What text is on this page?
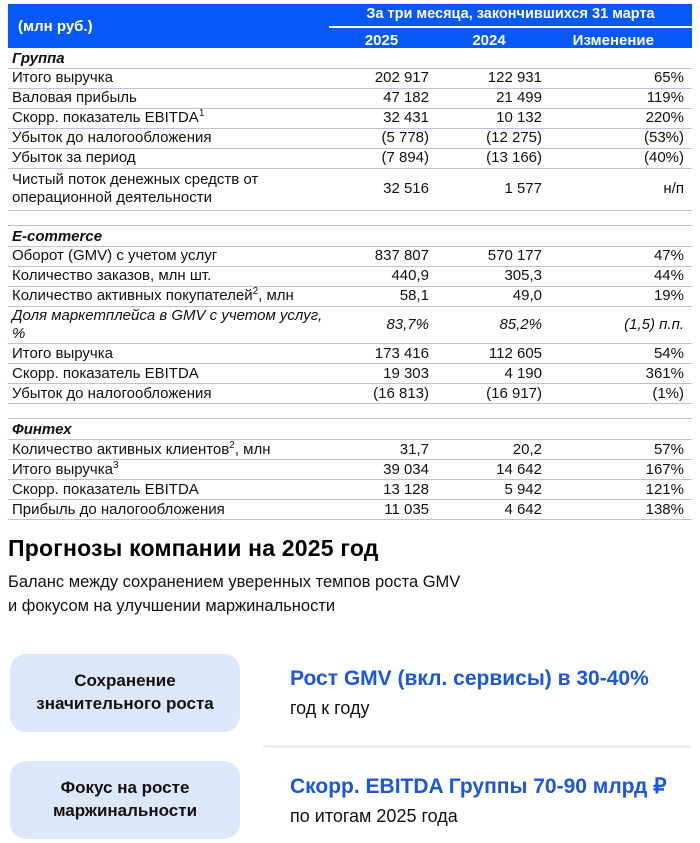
(млн руб.)
За три месяца, закончившихся 31 марта
2025	2024	Изменение
Группа
Итого выручка	202 917	122 931	65%
Валовая прибыль	47 182	21 499	119%
Скорр. показатель EBITDA$^1$	32 431	10 132	220%
Убыток до налогообложения	(5 778)	(12 275)	(53%)
Убыток за период	(7 894)	(13 166)	(40%)
Чистый поток денежных средств от операционной деятельности
32 516	1 577	н/п
E-commerce
Оборот (GMV) с учетом услуг	837 807	570 177	47%
Количество заказов, млн шт.	440,9	305,3	44%
Количество активных покупателей$^2$, млн	58,1	49,0	19%
Доля маркетплейса в GMV с учетом услуг, %
83,7%	85,2%	(1,5) п.п.
Итого выручка	173 416	112 605	54%
Скорр. показатель EBITDA	19 303	4 190	361%
Убыток до налогообложения	(16 813)	(16 917)	(1%)
Финтех
Количество активных клиентов$^2$, млн	31,7	20,2	57%
Итого выручка$^3$	39 034	14 642	167%
Скорр. показатель EBITDA	13 128	5 942	121%
Прибыль до налогообложения	11 035	4 642	138%
Прогнозы компании на 2025 год

Баланс между сохранением уверенных темпов роста GMV
и фокусом на улучшении маржинальности

Сохранение значительного роста
Рост GMV (вкл. сервисы) в 30-40%
год к году
Фокус на росте маржинальности
Скорр. EBITDA Группы 70-90 млрд ₽
по итогам 2025 года
